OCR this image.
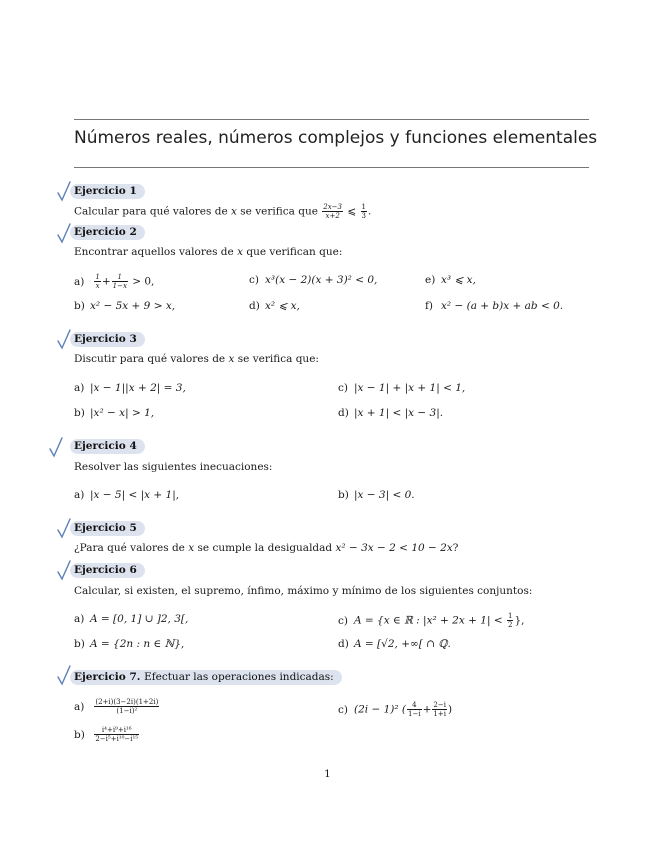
Números reales, números complejos y funciones elementales
Ejercicio 1
Calcular para qué valores de x se verifica que $\frac{2x-3}{x+2}$ ⩽ $\frac{1}{3}$ .
Ejercicio 2
Encontrar aquellos valores de x que verifican que:
$a) \frac{1}{x} + \frac{1}{1-x} > 0$,
b) x² − 5x + 9 > x,
c) x³(x − 2)(x + 3)² < 0,
d) x² ⩽ x,
e) x³ ⩽ x,
f) x² − (a + b)x + ab < 0.
Ejercicio 3
Discutir para qué valores de x se verifica que:
a) |x − 1||x + 2| = 3,
b) |x² − x| > 1,
c) |x − 1| + |x + 1| < 1,
d) |x + 1| < |x − 3|.
Ejercicio 4
Resolver las siguientes inecuaciones:
a) |x − 5| < |x + 1|,	b) |x − 3| < 0.
Ejercicio 5
¿Para qué valores de x se cumple la desigualdad x² − 3x − 2 < 10 − 2x?
Ejercicio 6
Calcular, si existen, el supremo, ínfimo, máximo y mínimo de los siguientes conjuntos:
a) A = [0, 1] ∪ ]2, 3[,
b) A = {2n : n ∈ ℕ},
c) A = {x ∈ ℝ : $|x^2 + 2x + 1| < \frac{1}{2}$ },
d) A = [√2, +∞[ ∩ ℚ.
Ejercicio 7. Efectuar las operaciones indicadas:
$a) \frac{(2+i)(3-2i)(1+2i)}{\text{(1−i)²}}$
$b) \frac{\text{i⁴+i⁹+i¹⁶}}{\text{2−i⁵+i¹⁰−i¹⁵}}$
c) (2i − 1)² ( $\frac{4}{1-i} + \frac{2-i}{1+i}$ )
1
